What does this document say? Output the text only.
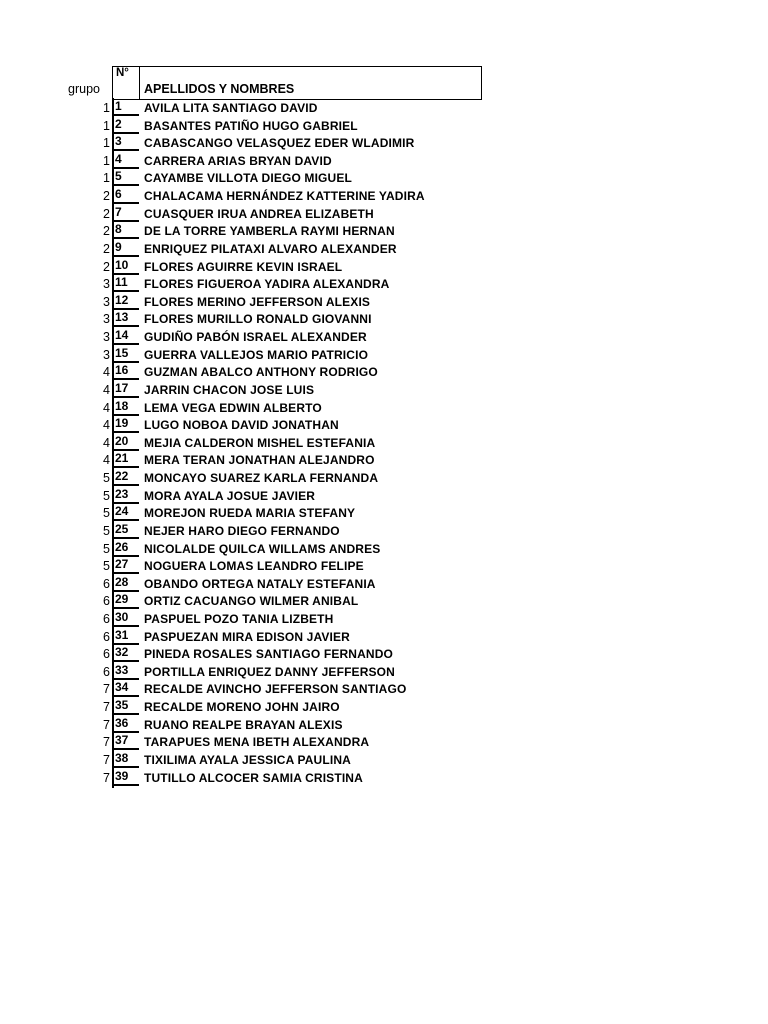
grupo
N°
APELLIDOS Y NOMBRES
1 1 AVILA LITA SANTIAGO DAVID
1 2 BASANTES PATIÑO HUGO GABRIEL
1 3 CABASCANGO VELASQUEZ EDER WLADIMIR
1 4 CARRERA ARIAS BRYAN DAVID
1 5 CAYAMBE VILLOTA DIEGO MIGUEL
2 6 CHALACAMA HERNÁNDEZ KATTERINE YADIRA
2 7 CUASQUER IRUA ANDREA ELIZABETH
2 8 DE LA TORRE YAMBERLA RAYMI HERNAN
2 9 ENRIQUEZ PILATAXI ALVARO ALEXANDER
2 10 FLORES AGUIRRE KEVIN ISRAEL
3 11 FLORES FIGUEROA YADIRA ALEXANDRA
3 12 FLORES MERINO JEFFERSON ALEXIS
3 13 FLORES MURILLO RONALD GIOVANNI
3 14 GUDIÑO PABÓN ISRAEL ALEXANDER
3 15 GUERRA VALLEJOS MARIO PATRICIO
4 16 GUZMAN ABALCO ANTHONY RODRIGO
4 17 JARRIN CHACON JOSE LUIS
4 18 LEMA VEGA EDWIN ALBERTO
4 19 LUGO NOBOA DAVID JONATHAN
4 20 MEJIA CALDERON MISHEL ESTEFANIA
4 21 MERA TERAN JONATHAN ALEJANDRO
5 22 MONCAYO SUAREZ KARLA FERNANDA
5 23 MORA AYALA JOSUE JAVIER
5 24 MOREJON RUEDA MARIA STEFANY
5 25 NEJER HARO DIEGO FERNANDO
5 26 NICOLALDE QUILCA WILLAMS ANDRES
5 27 NOGUERA LOMAS LEANDRO FELIPE
6 28 OBANDO ORTEGA NATALY ESTEFANIA
6 29 ORTIZ CACUANGO WILMER ANIBAL
6 30 PASPUEL POZO TANIA LIZBETH
6 31 PASPUEZAN MIRA EDISON JAVIER
6 32 PINEDA ROSALES SANTIAGO FERNANDO
6 33 PORTILLA ENRIQUEZ DANNY JEFFERSON
7 34 RECALDE AVINCHO JEFFERSON SANTIAGO
7 35 RECALDE MORENO JOHN JAIRO
7 36 RUANO REALPE BRAYAN ALEXIS
7 37 TARAPUES MENA IBETH ALEXANDRA
7 38 TIXILIMA AYALA JESSICA PAULINA
7 39 TUTILLO ALCOCER SAMIA CRISTINA
